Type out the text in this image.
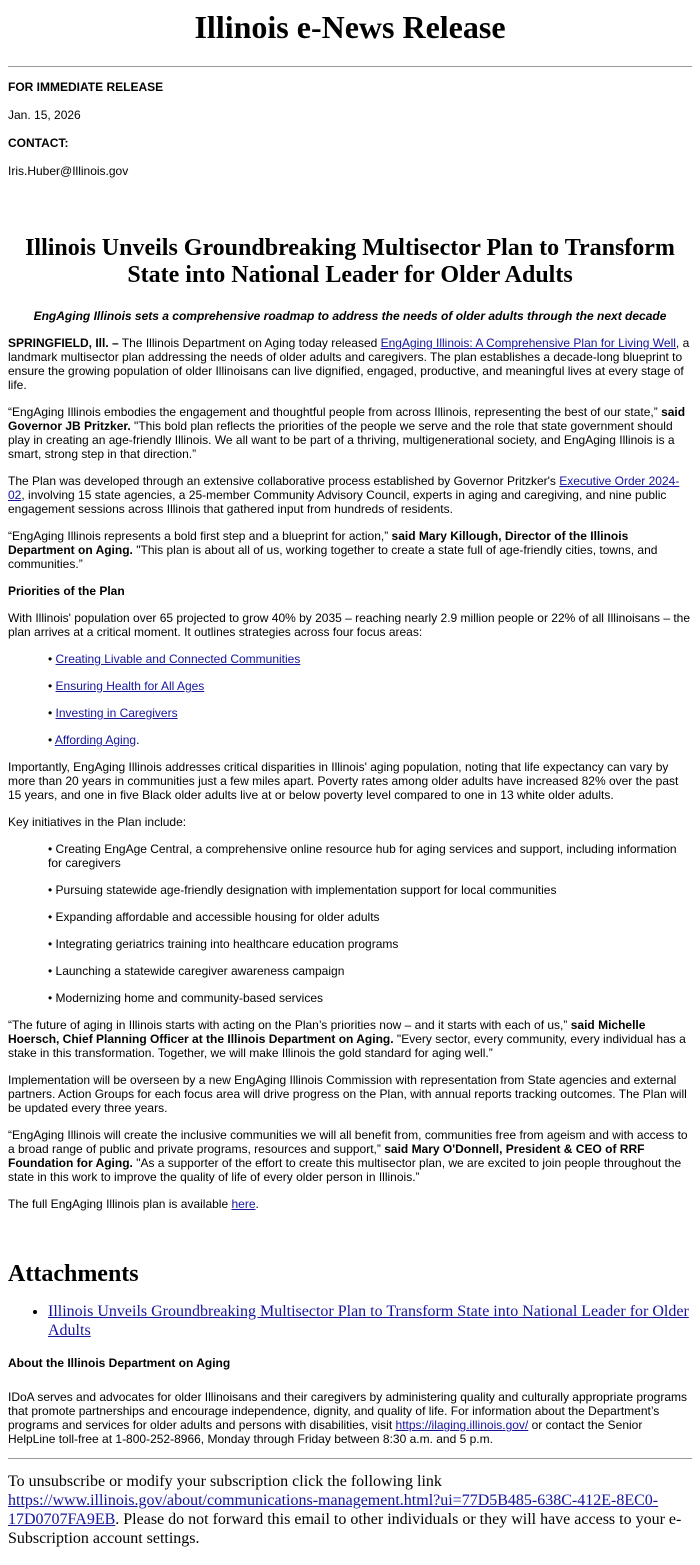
Illinois e-News Release

FOR IMMEDIATE RELEASE

Jan. 15, 2026

CONTACT:

Iris.Huber@Illinois.gov

Illinois Unveils Groundbreaking Multisector Plan to Transform State into National Leader for Older Adults

EngAging Illinois sets a comprehensive roadmap to address the needs of older adults through the next decade

SPRINGFIELD, Ill. – The Illinois Department on Aging today released EngAging Illinois: A Comprehensive Plan for Living Well, a landmark multisector plan addressing the needs of older adults and caregivers. The plan establishes a decade-long blueprint to ensure the growing population of older Illinoisans can live dignified, engaged, productive, and meaningful lives at every stage of life.

“EngAging Illinois embodies the engagement and thoughtful people from across Illinois, representing the best of our state,” said Governor JB Pritzker. "This bold plan reflects the priorities of the people we serve and the role that state government should play in creating an age-friendly Illinois. We all want to be part of a thriving, multigenerational society, and EngAging Illinois is a smart, strong step in that direction.”

The Plan was developed through an extensive collaborative process established by Governor Pritzker's Executive Order 2024-02, involving 15 state agencies, a 25-member Community Advisory Council, experts in aging and caregiving, and nine public engagement sessions across Illinois that gathered input from hundreds of residents.

“EngAging Illinois represents a bold first step and a blueprint for action,” said Mary Killough, Director of the Illinois Department on Aging. "This plan is about all of us, working together to create a state full of age-friendly cities, towns, and communities.”

Priorities of the Plan

With Illinois' population over 65 projected to grow 40% by 2035 – reaching nearly 2.9 million people or 22% of all Illinoisans – the plan arrives at a critical moment. It outlines strategies across four focus areas:

• Creating Livable and Connected Communities
• Ensuring Health for All Ages
• Investing in Caregivers
• Affording Aging.

Importantly, EngAging Illinois addresses critical disparities in Illinois' aging population, noting that life expectancy can vary by more than 20 years in communities just a few miles apart. Poverty rates among older adults have increased 82% over the past 15 years, and one in five Black older adults live at or below poverty level compared to one in 13 white older adults.

Key initiatives in the Plan include:

• Creating EngAge Central, a comprehensive online resource hub for aging services and support, including information for caregivers
• Pursuing statewide age-friendly designation with implementation support for local communities
• Expanding affordable and accessible housing for older adults
• Integrating geriatrics training into healthcare education programs
• Launching a statewide caregiver awareness campaign
• Modernizing home and community-based services

“The future of aging in Illinois starts with acting on the Plan’s priorities now – and it starts with each of us,” said Michelle Hoersch, Chief Planning Officer at the Illinois Department on Aging. "Every sector, every community, every individual has a stake in this transformation. Together, we will make Illinois the gold standard for aging well.”

Implementation will be overseen by a new EngAging Illinois Commission with representation from State agencies and external partners. Action Groups for each focus area will drive progress on the Plan, with annual reports tracking outcomes. The Plan will be updated every three years.

“EngAging Illinois will create the inclusive communities we will all benefit from, communities free from ageism and with access to a broad range of public and private programs, resources and support,” said Mary O'Donnell, President & CEO of RRF Foundation for Aging. "As a supporter of the effort to create this multisector plan, we are excited to join people throughout the state in this work to improve the quality of life of every older person in Illinois.”

The full EngAging Illinois plan is available here.

Attachments
• Illinois Unveils Groundbreaking Multisector Plan to Transform State into National Leader for Older Adults

About the Illinois Department on Aging

IDoA serves and advocates for older Illinoisans and their caregivers by administering quality and culturally appropriate programs that promote partnerships and encourage independence, dignity, and quality of life. For information about the Department’s programs and services for older adults and persons with disabilities, visit https://ilaging.illinois.gov/ or contact the Senior HelpLine toll-free at 1-800-252-8966, Monday through Friday between 8:30 a.m. and 5 p.m.

To unsubscribe or modify your subscription click the following link https://www.illinois.gov/about/communications-management.html?ui=77D5B485-638C-412E-8EC0-17D0707FA9EB. Please do not forward this email to other individuals or they will have access to your e-Subscription account settings.
